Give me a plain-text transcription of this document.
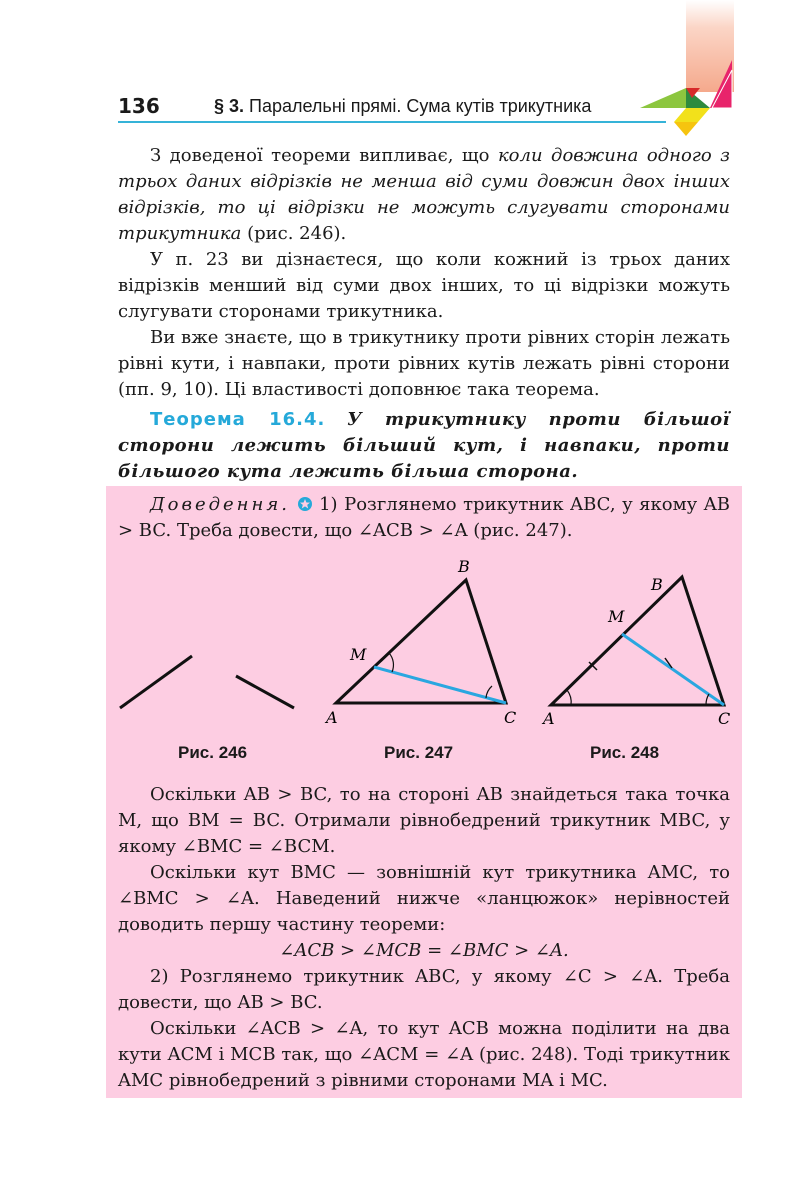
136	§ 3. Паралельні прямі. Сума кутів трикутника

З доведеної теореми випливає, що коли довжина одного з трьох даних відрізків не менша від суми довжин двох інших відрізків, то ці відрізки не можуть слугувати сторонами трикутника (рис. 246).

У п. 23 ви дізнаєтеся, що коли кожний із трьох даних відрізків менший від суми двох інших, то ці відрізки можуть слугувати сторонами трикутника.

Ви вже знаєте, що в трикутнику проти рівних сторін лежать рівні кути, і навпаки, проти рівних кутів лежать рівні сторони (пп. 9, 10). Ці властивості доповнює така теорема.

Теорема 16.4. У трикутнику проти більшої сторони лежить більший кут, і навпаки, проти більшого кута лежить більша сторона.

Доведення. 1) Розглянемо трикутник ABC, у якому AB > BC. Треба довести, що ∠ACB > ∠A (рис. 247).

A
B
C
M
A
B
C
M
Рис. 246	Рис. 247	Рис. 248

Оскільки AB > BC, то на стороні AB знайдеться така точка M, що BM = BC. Отримали рівнобедрений трикутник MBC, у якому ∠BMC = ∠BCM.

Оскільки кут BMC — зовнішній кут трикутника AMC, то ∠BMC > ∠A. Наведений нижче «ланцюжок» нерівностей доводить першу частину теореми:

∠ACB > ∠MCB = ∠BMC > ∠A.

2) Розглянемо трикутник ABC, у якому ∠C > ∠A. Треба довести, що AB > BC.

Оскільки ∠ACB > ∠A, то кут ACB можна поділити на два кути ACM і MCB так, що ∠ACM = ∠A (рис. 248). Тоді трикутник AMC рівнобедрений з рівними сторонами MA і MC.
